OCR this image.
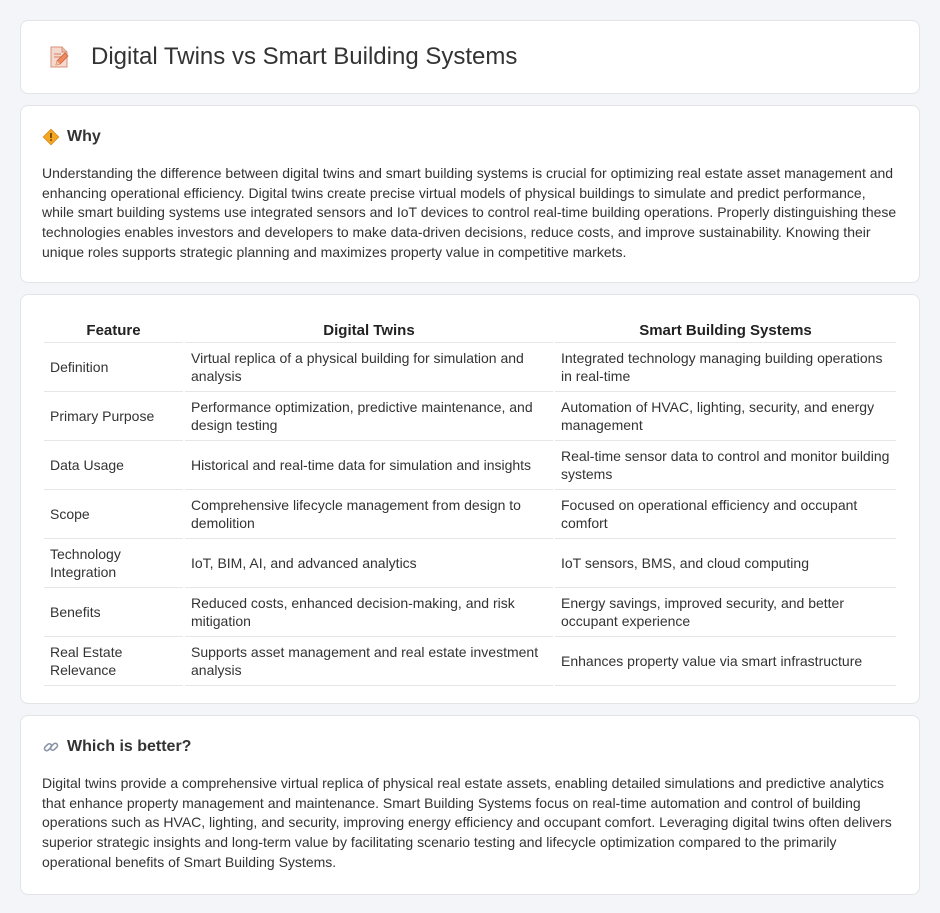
Digital Twins vs Smart Building Systems
Why

Understanding the difference between digital twins and smart building systems is crucial for optimizing real estate asset management and enhancing operational efficiency. Digital twins create precise virtual models of physical buildings to simulate and predict performance, while smart building systems use integrated sensors and IoT devices to control real-time building operations. Properly distinguishing these technologies enables investors and developers to make data-driven decisions, reduce costs, and improve sustainability. Knowing their unique roles supports strategic planning and maximizes property value in competitive markets.

Feature	Digital Twins	Smart Building Systems
Definition	Virtual replica of a physical building for simulation and analysis	Integrated technology managing building operations in real-time
Primary Purpose	Performance optimization, predictive maintenance, and design testing	Automation of HVAC, lighting, security, and energy management
Data Usage	Historical and real-time data for simulation and insights	Real-time sensor data to control and monitor building systems
Scope	Comprehensive lifecycle management from design to demolition	Focused on operational efficiency and occupant comfort
Technology Integration	IoT, BIM, AI, and advanced analytics	IoT sensors, BMS, and cloud computing
Benefits	Reduced costs, enhanced decision-making, and risk mitigation	Energy savings, improved security, and better occupant experience
Real Estate Relevance	Supports asset management and real estate investment analysis	Enhances property value via smart infrastructure
Which is better?

Digital twins provide a comprehensive virtual replica of physical real estate assets, enabling detailed simulations and predictive analytics that enhance property management and maintenance. Smart Building Systems focus on real-time automation and control of building operations such as HVAC, lighting, and security, improving energy efficiency and occupant comfort. Leveraging digital twins often delivers superior strategic insights and long-term value by facilitating scenario testing and lifecycle optimization compared to the primarily operational benefits of Smart Building Systems.
